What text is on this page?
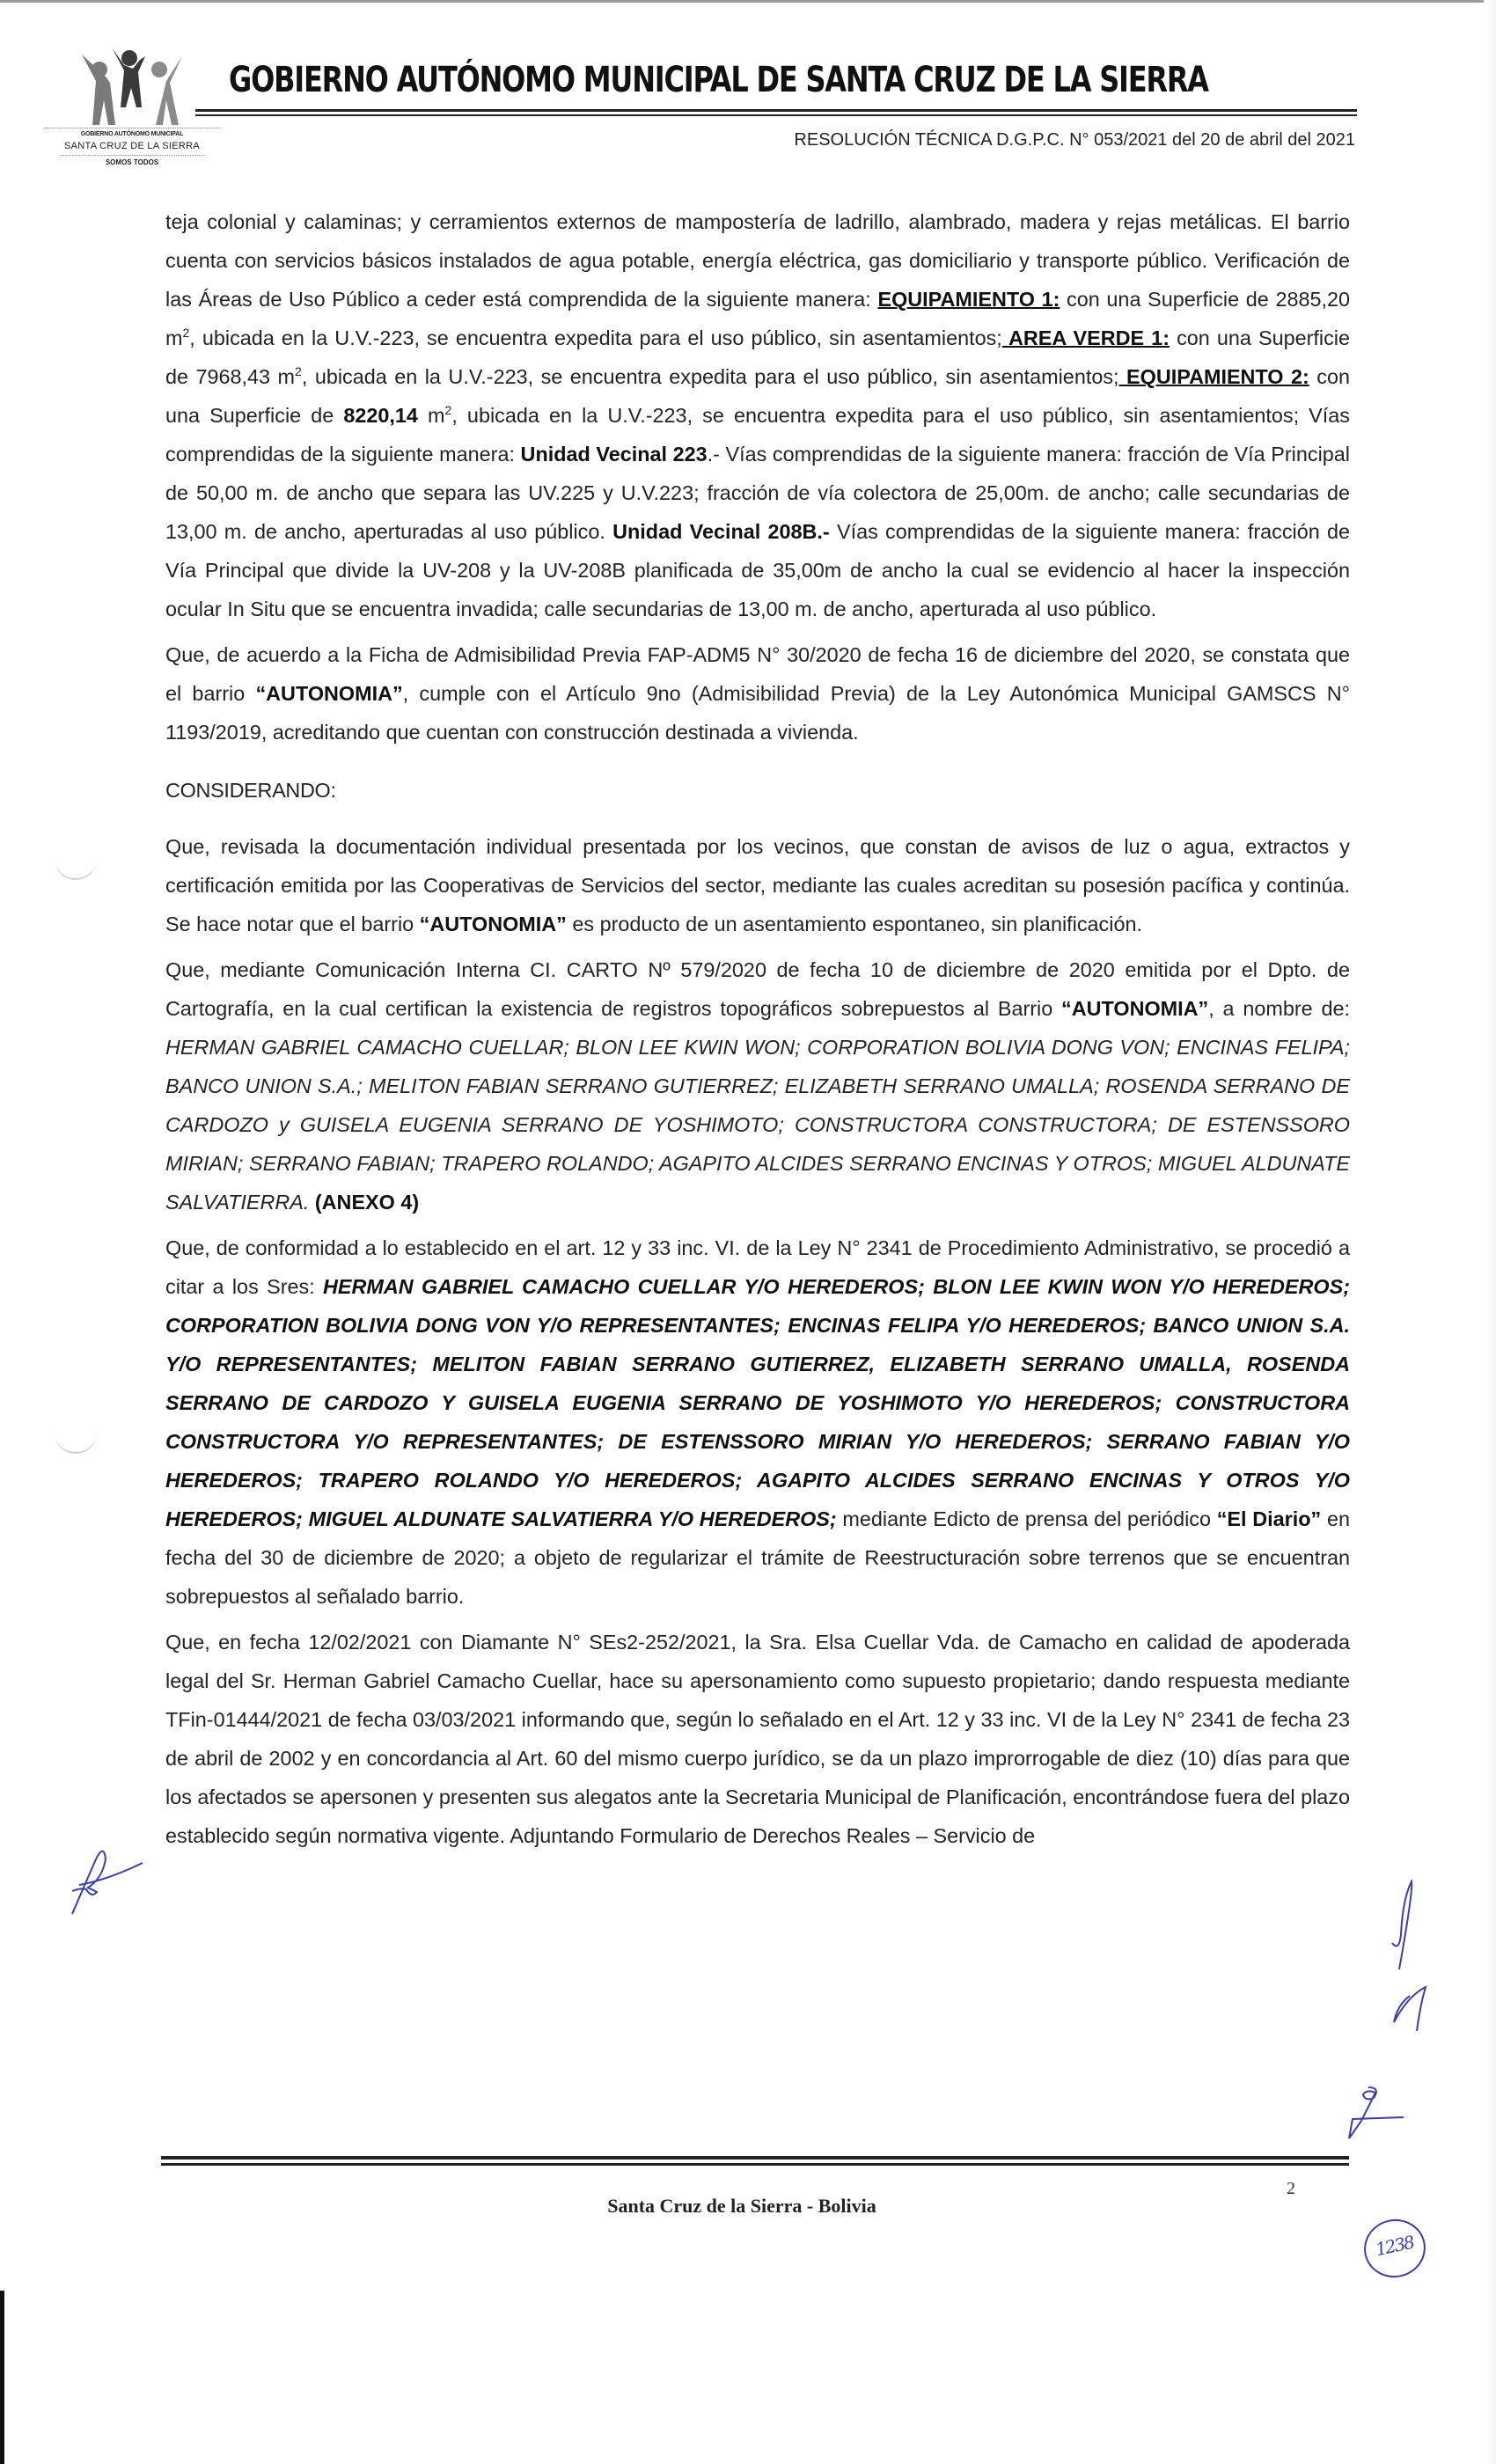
GOBIERNO AUTÓNOMO MUNICIPAL
SANTA CRUZ DE LA SIERRA
SOMOS TODOS
GOBIERNO AUTÓNOMO MUNICIPAL DE SANTA CRUZ DE LA SIERRA
RESOLUCIÓN TÉCNICA D.G.P.C. N° 053/2021 del 20 de abril del 2021

teja colonial y calaminas; y cerramientos externos de mampostería de ladrillo, alambrado, madera y rejas metálicas. El barrio cuenta con servicios básicos instalados de agua potable, energía eléctrica, gas domiciliario y transporte público. Verificación de las Áreas de Uso Público a ceder está comprendida de la siguiente manera: EQUIPAMIENTO 1: con una Superficie de 2885,20 $m^2$, ubicada en la U.V.-223, se encuentra expedita para el uso público, sin asentamientos; AREA VERDE 1: con una Superficie de 7968,43 $m^2$, ubicada en la U.V.-223, se encuentra expedita para el uso público, sin asentamientos; EQUIPAMIENTO 2: con una Superficie de 8220,14 $m^2$, ubicada en la U.V.-223, se encuentra expedita para el uso público, sin asentamientos; Vías comprendidas de la siguiente manera: Unidad Vecinal 223.- Vías comprendidas de la siguiente manera: fracción de Vía Principal de 50,00 m. de ancho que separa las UV.225 y U.V.223; fracción de vía colectora de 25,00m. de ancho; calle secundarias de 13,00 m. de ancho, aperturadas al uso público. Unidad Vecinal 208B.- Vías comprendidas de la siguiente manera: fracción de Vía Principal que divide la UV-208 y la UV-208B planificada de 35,00m de ancho la cual se evidencio al hacer la inspección ocular In Situ que se encuentra invadida; calle secundarias de 13,00 m. de ancho, aperturada al uso público.

Que, de acuerdo a la Ficha de Admisibilidad Previa FAP-ADM5 N° 30/2020 de fecha 16 de diciembre del 2020, se constata que el barrio “AUTONOMIA”, cumple con el Artículo 9no (Admisibilidad Previa) de la Ley Autonómica Municipal GAMSCS N° 1193/2019, acreditando que cuentan con construcción destinada a vivienda.

CONSIDERANDO:

Que, revisada la documentación individual presentada por los vecinos, que constan de avisos de luz o agua, extractos y certificación emitida por las Cooperativas de Servicios del sector, mediante las cuales acreditan su posesión pacífica y continúa. Se hace notar que el barrio “AUTONOMIA” es producto de un asentamiento espontaneo, sin planificación.

Que, mediante Comunicación Interna CI. CARTO Nº 579/2020 de fecha 10 de diciembre de 2020 emitida por el Dpto. de Cartografía, en la cual certifican la existencia de registros topográficos sobrepuestos al Barrio “AUTONOMIA”, a nombre de: HERMAN GABRIEL CAMACHO CUELLAR; BLON LEE KWIN WON; CORPORATION BOLIVIA DONG VON; ENCINAS FELIPA; BANCO UNION S.A.; MELITON FABIAN SERRANO GUTIERREZ; ELIZABETH SERRANO UMALLA; ROSENDA SERRANO DE CARDOZO y GUISELA EUGENIA SERRANO DE YOSHIMOTO; CONSTRUCTORA CONSTRUCTORA; DE ESTENSSORO MIRIAN; SERRANO FABIAN; TRAPERO ROLANDO; AGAPITO ALCIDES SERRANO ENCINAS Y OTROS; MIGUEL ALDUNATE SALVATIERRA. (ANEXO 4)

Que, de conformidad a lo establecido en el art. 12 y 33 inc. VI. de la Ley N° 2341 de Procedimiento Administrativo, se procedió a citar a los Sres: HERMAN GABRIEL CAMACHO CUELLAR Y/O HEREDEROS; BLON LEE KWIN WON Y/O HEREDEROS; CORPORATION BOLIVIA DONG VON Y/O REPRESENTANTES; ENCINAS FELIPA Y/O HEREDEROS; BANCO UNION S.A. Y/O REPRESENTANTES; MELITON FABIAN SERRANO GUTIERREZ, ELIZABETH SERRANO UMALLA, ROSENDA SERRANO DE CARDOZO Y GUISELA EUGENIA SERRANO DE YOSHIMOTO Y/O HEREDEROS; CONSTRUCTORA CONSTRUCTORA Y/O REPRESENTANTES; DE ESTENSSORO MIRIAN Y/O HEREDEROS; SERRANO FABIAN Y/O HEREDEROS; TRAPERO ROLANDO Y/O HEREDEROS; AGAPITO ALCIDES SERRANO ENCINAS Y OTROS Y/O HEREDEROS; MIGUEL ALDUNATE SALVATIERRA Y/O HEREDEROS; mediante Edicto de prensa del periódico “El Diario” en fecha del 30 de diciembre de 2020; a objeto de regularizar el trámite de Reestructuración sobre terrenos que se encuentran sobrepuestos al señalado barrio.

Que, en fecha 12/02/2021 con Diamante N° SEs2-252/2021, la Sra. Elsa Cuellar Vda. de Camacho en calidad de apoderada legal del Sr. Herman Gabriel Camacho Cuellar, hace su apersonamiento como supuesto propietario; dando respuesta mediante TFin-01444/2021 de fecha 03/03/2021 informando que, según lo señalado en el Art. 12 y 33 inc. VI de la Ley N° 2341 de fecha 23 de abril de 2002 y en concordancia al Art. 60 del mismo cuerpo jurídico, se da un plazo improrrogable de diez (10) días para que los afectados se apersonen y presenten sus alegatos ante la Secretaria Municipal de Planificación, encontrándose fuera del plazo establecido según normativa vigente. Adjuntando Formulario de Derechos Reales – Servicio de

2
Santa Cruz de la Sierra - Bolivia
1238
